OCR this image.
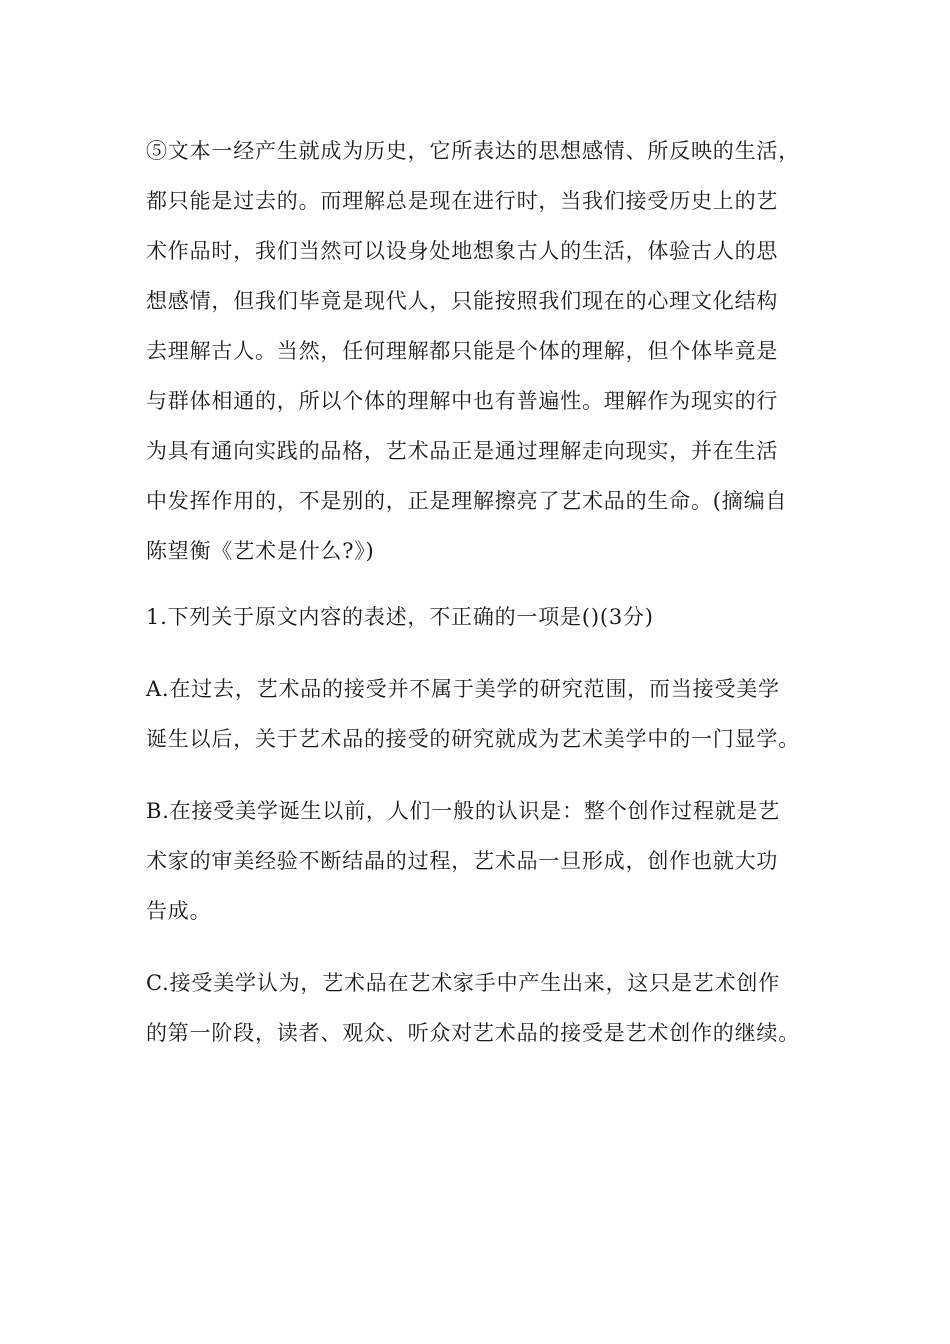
⑤文本一经产生就成为历史，它所表达的思想感情、所反映的生活，
都只能是过去的。而理解总是现在进行时，当我们接受历史上的艺
术作品时，我们当然可以设身处地想象古人的生活，体验古人的思
想感情，但我们毕竟是现代人，只能按照我们现在的心理文化结构
去理解古人。当然，任何理解都只能是个体的理解，但个体毕竟是
与群体相通的，所以个体的理解中也有普遍性。理解作为现实的行
为具有通向实践的品格，艺术品正是通过理解走向现实，并在生活
中发挥作用的，不是别的，正是理解擦亮了艺术品的生命。(摘编自
陈望衡《艺术是什么?》)
1.下列关于原文内容的表述，不正确的一项是()(3分)
A.在过去，艺术品的接受并不属于美学的研究范围，而当接受美学
诞生以后，关于艺术品的接受的研究就成为艺术美学中的一门显学。
B.在接受美学诞生以前，人们一般的认识是：整个创作过程就是艺
术家的审美经验不断结晶的过程，艺术品一旦形成，创作也就大功
告成。
C.接受美学认为，艺术品在艺术家手中产生出来，这只是艺术创作
的第一阶段，读者、观众、听众对艺术品的接受是艺术创作的继续。
